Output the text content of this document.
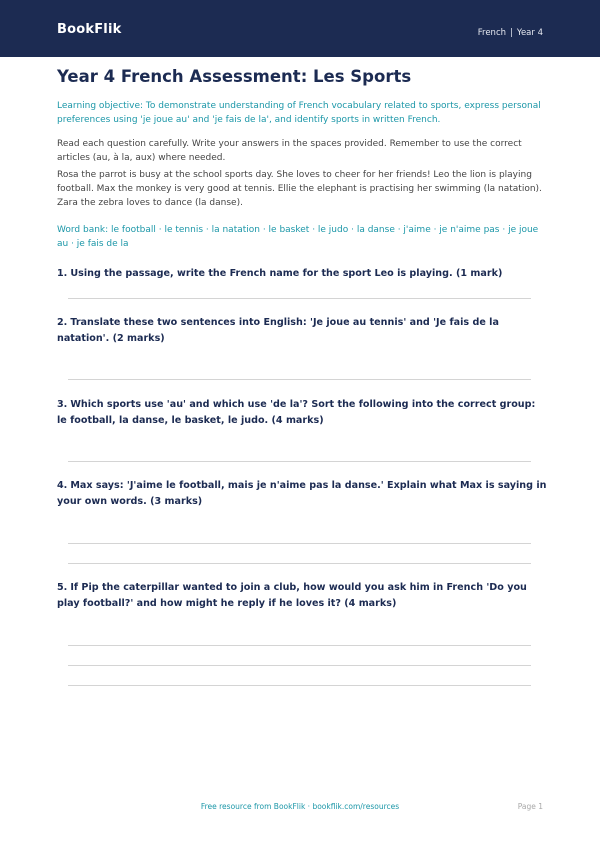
BookFlik	French | Year 4
Year 4 French Assessment: Les Sports
Learning objective: To demonstrate understanding of French vocabulary related to sports, express personal preferences using 'je joue au' and 'je fais de la', and identify sports in written French.
Read each question carefully. Write your answers in the spaces provided. Remember to use the correct articles (au, à la, aux) where needed.
Rosa the parrot is busy at the school sports day. She loves to cheer for her friends! Leo the lion is playing football. Max the monkey is very good at tennis. Ellie the elephant is practising her swimming (la natation). Zara the zebra loves to dance (la danse).
Word bank: le football · le tennis · la natation · le basket · le judo · la danse · j'aime · je n'aime pas · je joue au · je fais de la
1. Using the passage, write the French name for the sport Leo is playing. (1 mark)
2. Translate these two sentences into English: 'Je joue au tennis' and 'Je fais de la natation'. (2 marks)
3. Which sports use 'au' and which use 'de la'? Sort the following into the correct group: le football, la danse, le basket, le judo. (4 marks)
4. Max says: 'J'aime le football, mais je n'aime pas la danse.' Explain what Max is saying in your own words. (3 marks)
5. If Pip the caterpillar wanted to join a club, how would you ask him in French 'Do you play football?' and how might he reply if he loves it? (4 marks)
Free resource from BookFlik · bookflik.com/resources	Page 1
